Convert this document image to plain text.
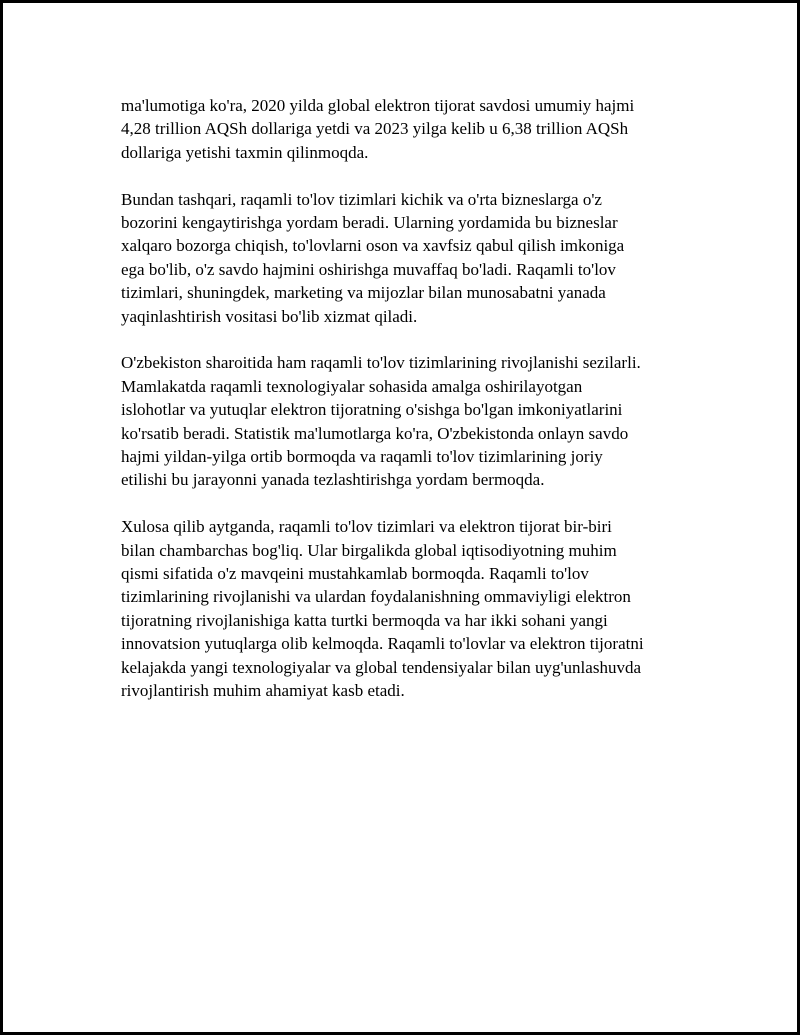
ma'lumotiga ko'ra, 2020 yilda global elektron tijorat savdosi umumiy hajmi
4,28 trillion AQSh dollariga yetdi va 2023 yilga kelib u 6,38 trillion AQSh
dollariga yetishi taxmin qilinmoqda.

Bundan tashqari, raqamli to'lov tizimlari kichik va o'rta bizneslarga o'z
bozorini kengaytirishga yordam beradi. Ularning yordamida bu bizneslar
xalqaro bozorga chiqish, to'lovlarni oson va xavfsiz qabul qilish imkoniga
ega bo'lib, o'z savdo hajmini oshirishga muvaffaq bo'ladi. Raqamli to'lov
tizimlari, shuningdek, marketing va mijozlar bilan munosabatni yanada
yaqinlashtirish vositasi bo'lib xizmat qiladi.

O'zbekiston sharoitida ham raqamli to'lov tizimlarining rivojlanishi sezilarli.
Mamlakatda raqamli texnologiyalar sohasida amalga oshirilayotgan
islohotlar va yutuqlar elektron tijoratning o'sishga bo'lgan imkoniyatlarini
ko'rsatib beradi. Statistik ma'lumotlarga ko'ra, O'zbekistonda onlayn savdo
hajmi yildan-yilga ortib bormoqda va raqamli to'lov tizimlarining joriy
etilishi bu jarayonni yanada tezlashtirishga yordam bermoqda.

Xulosa qilib aytganda, raqamli to'lov tizimlari va elektron tijorat bir-biri
bilan chambarchas bog'liq. Ular birgalikda global iqtisodiyotning muhim
qismi sifatida o'z mavqeini mustahkamlab bormoqda. Raqamli to'lov
tizimlarining rivojlanishi va ulardan foydalanishning ommaviyligi elektron
tijoratning rivojlanishiga katta turtki bermoqda va har ikki sohani yangi
innovatsion yutuqlarga olib kelmoqda. Raqamli to'lovlar va elektron tijoratni
kelajakda yangi texnologiyalar va global tendensiyalar bilan uyg'unlashuvda
rivojlantirish muhim ahamiyat kasb etadi.
